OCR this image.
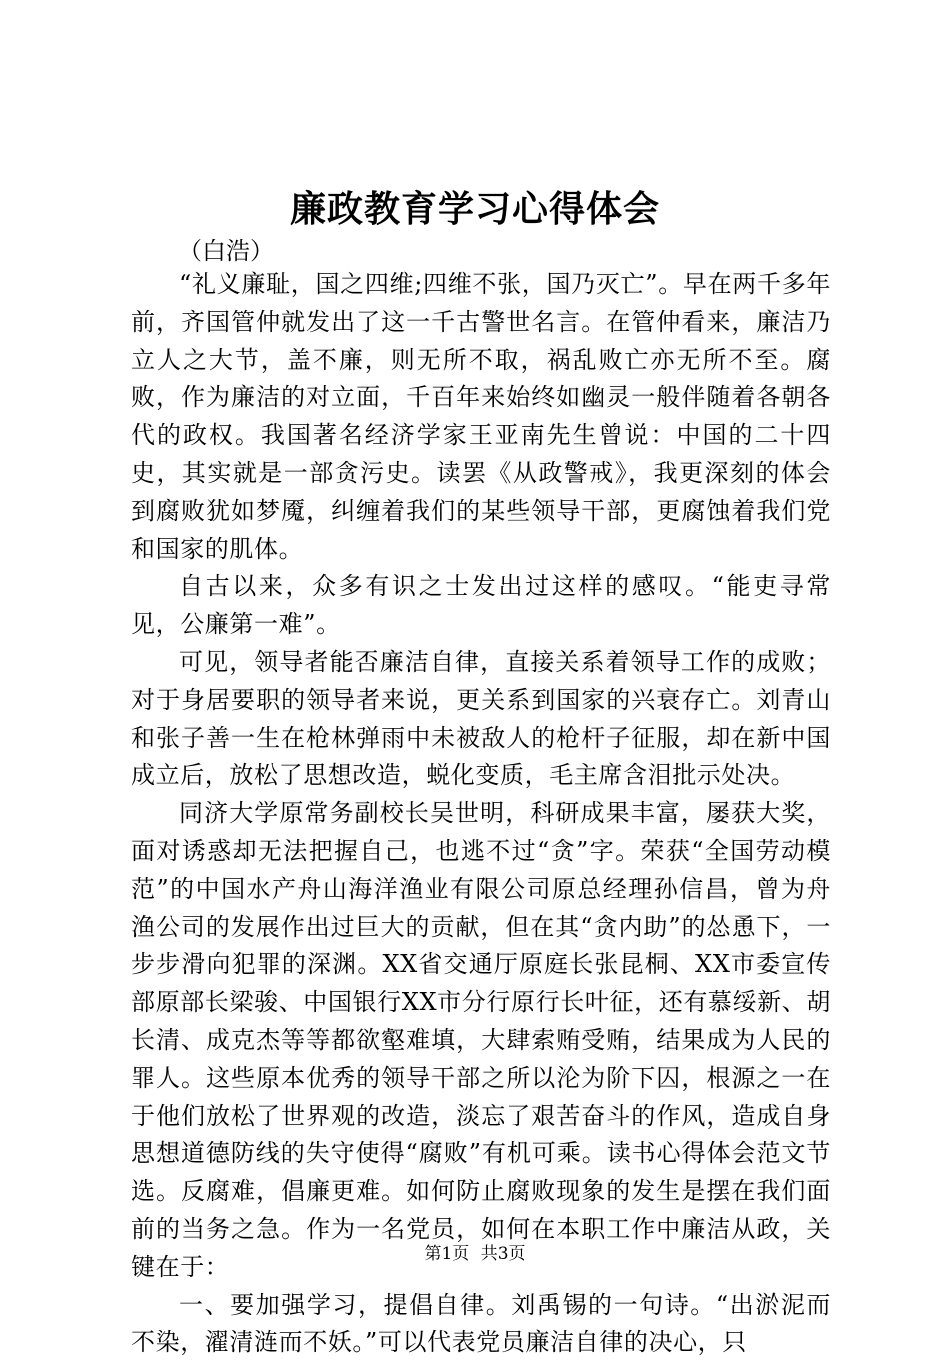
廉政教育学习心得体会
（白浩）

“礼义廉耻，国之四维;四维不张，国乃灭亡”。早在两千多年前，齐国管仲就发出了这一千古警世名言。在管仲看来，廉洁乃立人之大节，盖不廉，则无所不取，祸乱败亡亦无所不至。腐败，作为廉洁的对立面，千百年来始终如幽灵一般伴随着各朝各代的政权。我国著名经济学家王亚南先生曾说：中国的二十四史，其实就是一部贪污史。读罢《从政警戒》，我更深刻的体会到腐败犹如梦魇，纠缠着我们的某些领导干部，更腐蚀着我们党和国家的肌体。

自古以来，众多有识之士发出过这样的感叹。“能吏寻常见，公廉第一难”。

可见，领导者能否廉洁自律，直接关系着领导工作的成败；对于身居要职的领导者来说，更关系到国家的兴衰存亡。刘青山和张子善一生在枪林弹雨中未被敌人的枪杆子征服，却在新中国成立后，放松了思想改造，蜕化变质，毛主席含泪批示处决。

同济大学原常务副校长吴世明，科研成果丰富，屡获大奖，面对诱惑却无法把握自己，也逃不过“贪”字。荣获“全国劳动模范”的中国水产舟山海洋渔业有限公司原总经理孙信昌，曾为舟渔公司的发展作出过巨大的贡献，但在其“贪内助”的怂恿下，一步步滑向犯罪的深渊。XX省交通厅原庭长张昆桐、XX市委宣传部原部长梁骏、中国银行XX市分行原行长叶征，还有慕绥新、胡长清、成克杰等等都欲壑难填，大肆索贿受贿，结果成为人民的罪人。这些原本优秀的领导干部之所以沦为阶下囚，根源之一在于他们放松了世界观的改造，淡忘了艰苦奋斗的作风，造成自身思想道德防线的失守使得“腐败”有机可乘。读书心得体会范文节选。反腐难，倡廉更难。如何防止腐败现象的发生是摆在我们面前的当务之急。作为一名党员，如何在本职工作中廉洁从政，关键在于：

一、要加强学习，提倡自律。刘禹锡的一句诗。“出淤泥而不染，濯清涟而不妖。”可以代表党员廉洁自律的决心，只

第1页 共3页
